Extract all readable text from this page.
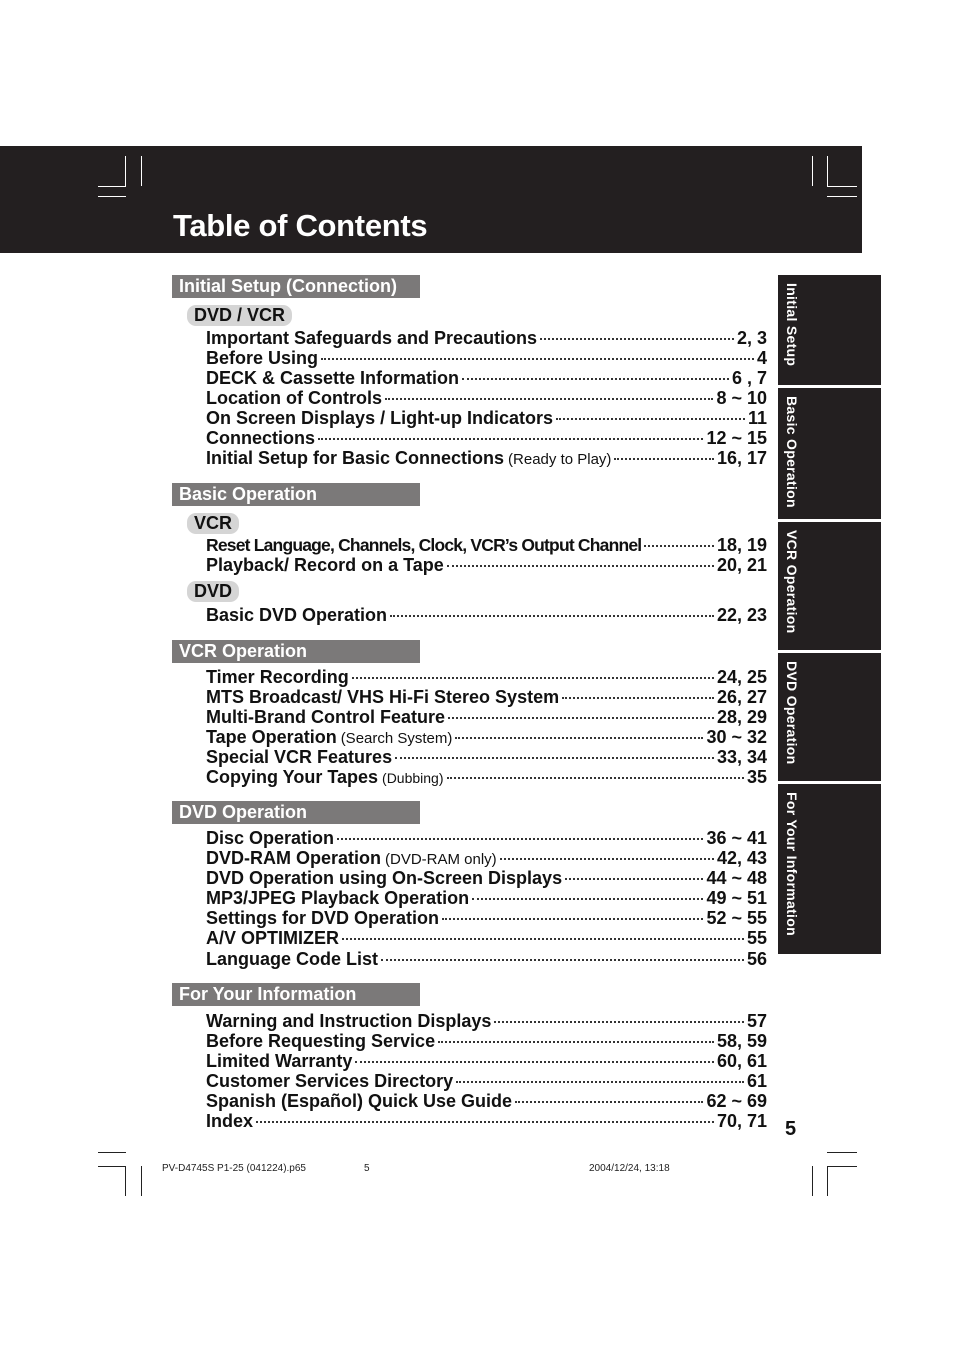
Table of Contents
Initial Setup (Connection)
DVD / VCR
Important Safeguards and Precautions	2, 3
Before Using	4
DECK & Cassette Information	6 , 7
Location of Controls	8 ~ 10
On Screen Displays / Light-up Indicators	11
Connections	12 ~ 15
Initial Setup for Basic Connections (Ready to Play)	16, 17
Basic Operation
VCR
Reset Language, Channels, Clock, VCR’s Output Channel	18, 19
Playback/ Record on a Tape	20, 21
DVD
Basic DVD Operation	22, 23
VCR Operation
Timer Recording	24, 25
MTS Broadcast/ VHS Hi-Fi Stereo System	26, 27
Multi-Brand Control Feature	28, 29
Tape Operation (Search System)	30 ~ 32
Special VCR Features	33, 34
Copying Your Tapes (Dubbing)	35
DVD Operation
Disc Operation	36 ~ 41
DVD-RAM Operation (DVD-RAM only)	42, 43
DVD Operation using On-Screen Displays	44 ~ 48
MP3/JPEG Playback Operation	49 ~ 51
Settings for DVD Operation	52 ~ 55
A/V OPTIMIZER	55
Language Code List	56
For Your Information
Warning and Instruction Displays	57
Before Requesting Service	58, 59
Limited Warranty	60, 61
Customer Services Directory	61
Spanish (Español) Quick Use Guide	62 ~ 69
Index	70, 71
Initial Setup
Basic Operation
VCR Operation
DVD Operation
For Your Information
5
PV-D4745S P1-25 (041224).p65	5	2004/12/24, 13:18
